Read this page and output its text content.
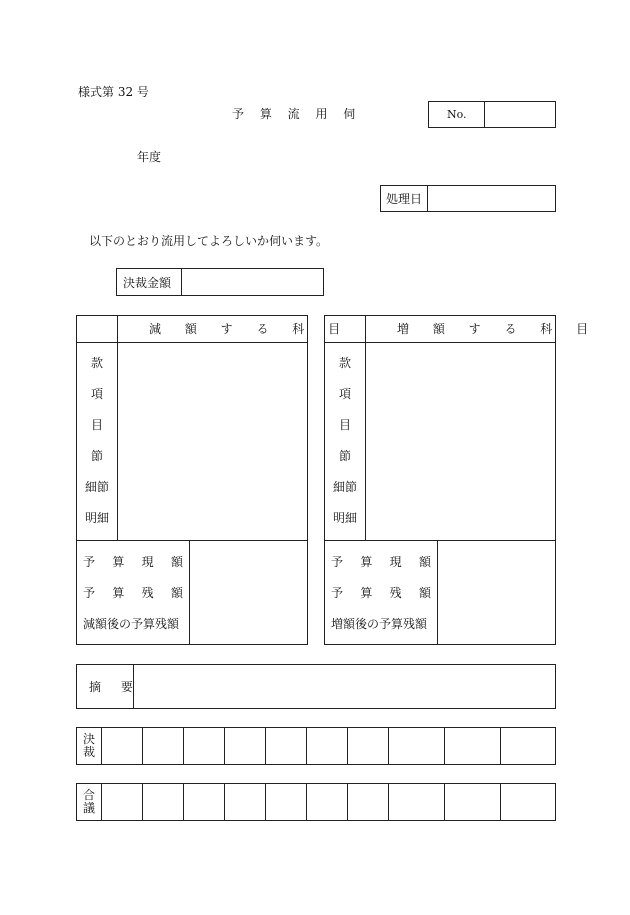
様式第 32 号
予 算 流 用 伺	No.
年度
処理日
以下のとおり流用してよろしいか伺います。
決裁金額
減 額 す る 科 目
款
項
目
節
細節
明細
予 算 現 額
予 算 残 額
減額後の予算残額
増 額 す る 科 目
款
項
目
節
細節
明細
予 算 現 額
予 算 残 額
増額後の予算残額
摘 要
決
裁
合
議
